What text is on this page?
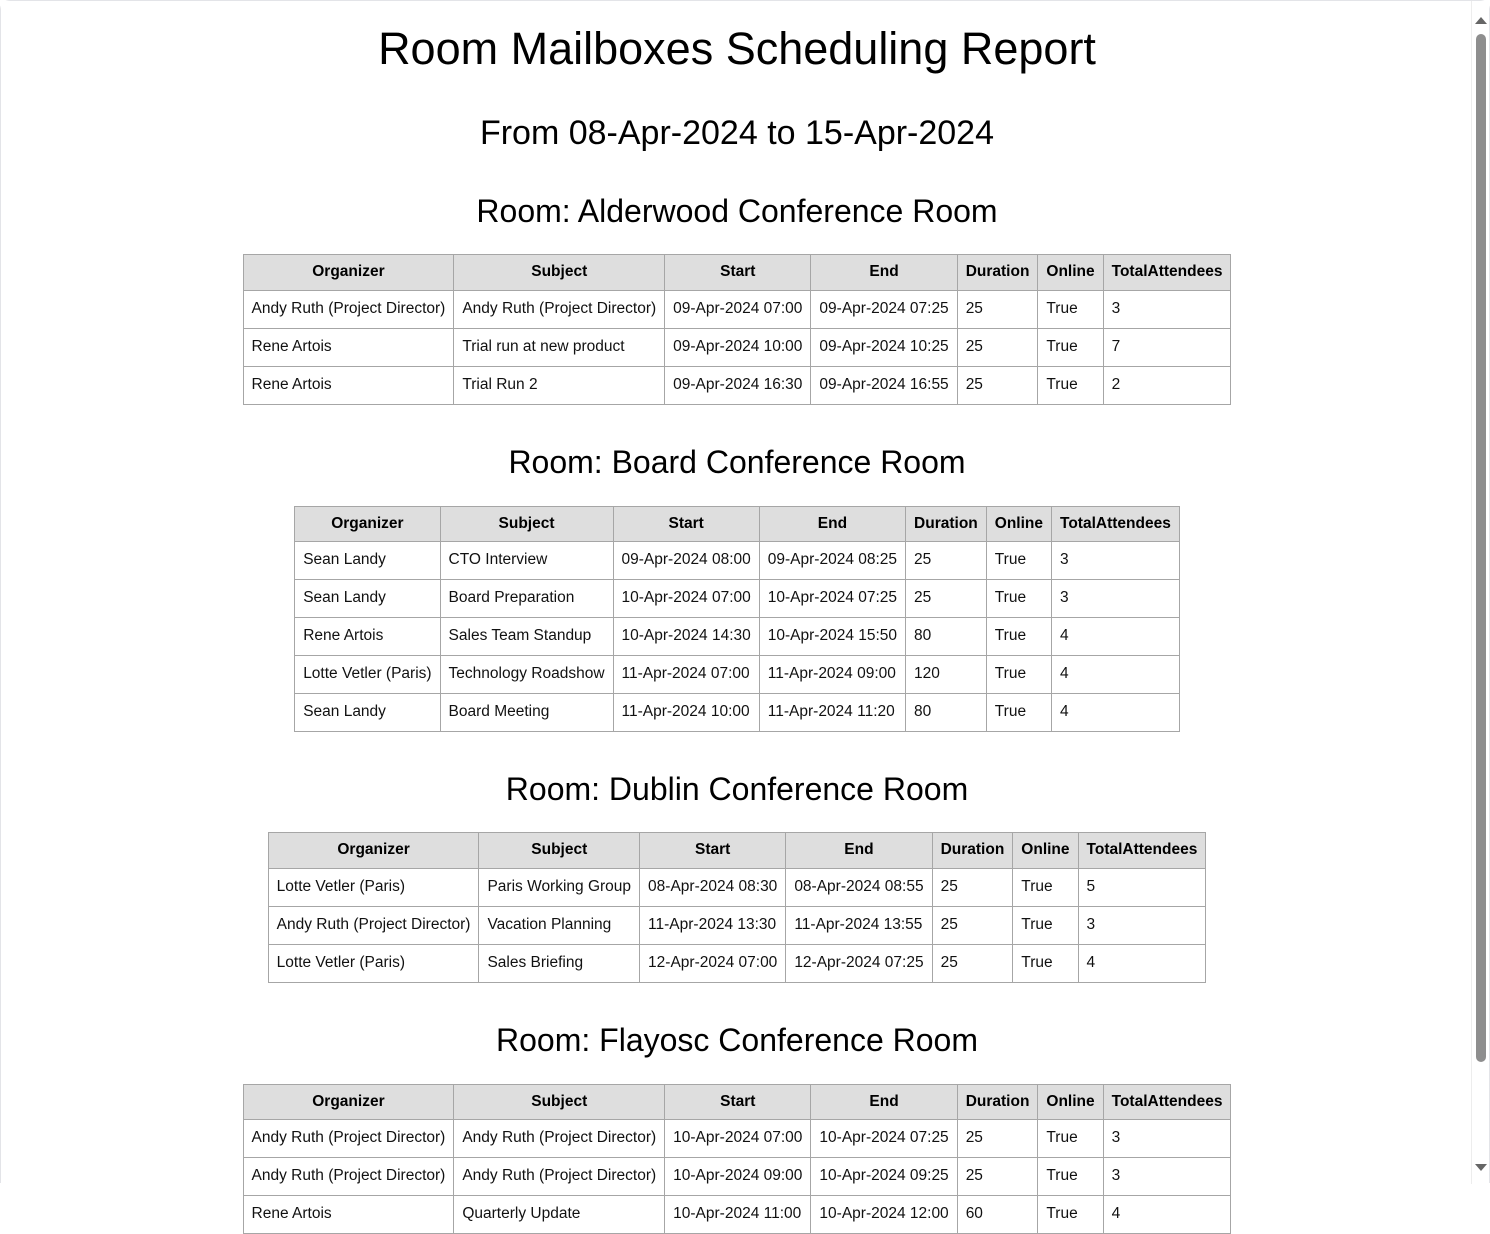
Room Mailboxes Scheduling Report
From 08-Apr-2024 to 15-Apr-2024
Room: Alderwood Conference Room
Organizer	Subject	Start	End	Duration	Online	TotalAttendees
Andy Ruth (Project Director)	Andy Ruth (Project Director)	09-Apr-2024 07:00	09-Apr-2024 07:25	25	True	3
Rene Artois	Trial run at new product	09-Apr-2024 10:00	09-Apr-2024 10:25	25	True	7
Rene Artois	Trial Run 2	09-Apr-2024 16:30	09-Apr-2024 16:55	25	True	2
Room: Board Conference Room
Organizer	Subject	Start	End	Duration	Online	TotalAttendees
Sean Landy	CTO Interview	09-Apr-2024 08:00	09-Apr-2024 08:25	25	True	3
Sean Landy	Board Preparation	10-Apr-2024 07:00	10-Apr-2024 07:25	25	True	3
Rene Artois	Sales Team Standup	10-Apr-2024 14:30	10-Apr-2024 15:50	80	True	4
Lotte Vetler (Paris)	Technology Roadshow	11-Apr-2024 07:00	11-Apr-2024 09:00	120	True	4
Sean Landy	Board Meeting	11-Apr-2024 10:00	11-Apr-2024 11:20	80	True	4
Room: Dublin Conference Room
Organizer	Subject	Start	End	Duration	Online	TotalAttendees
Lotte Vetler (Paris)	Paris Working Group	08-Apr-2024 08:30	08-Apr-2024 08:55	25	True	5
Andy Ruth (Project Director)	Vacation Planning	11-Apr-2024 13:30	11-Apr-2024 13:55	25	True	3
Lotte Vetler (Paris)	Sales Briefing	12-Apr-2024 07:00	12-Apr-2024 07:25	25	True	4
Room: Flayosc Conference Room
Organizer	Subject	Start	End	Duration	Online	TotalAttendees
Andy Ruth (Project Director)	Andy Ruth (Project Director)	10-Apr-2024 07:00	10-Apr-2024 07:25	25	True	3
Andy Ruth (Project Director)	Andy Ruth (Project Director)	10-Apr-2024 09:00	10-Apr-2024 09:25	25	True	3
Rene Artois	Quarterly Update	10-Apr-2024 11:00	10-Apr-2024 12:00	60	True	4
